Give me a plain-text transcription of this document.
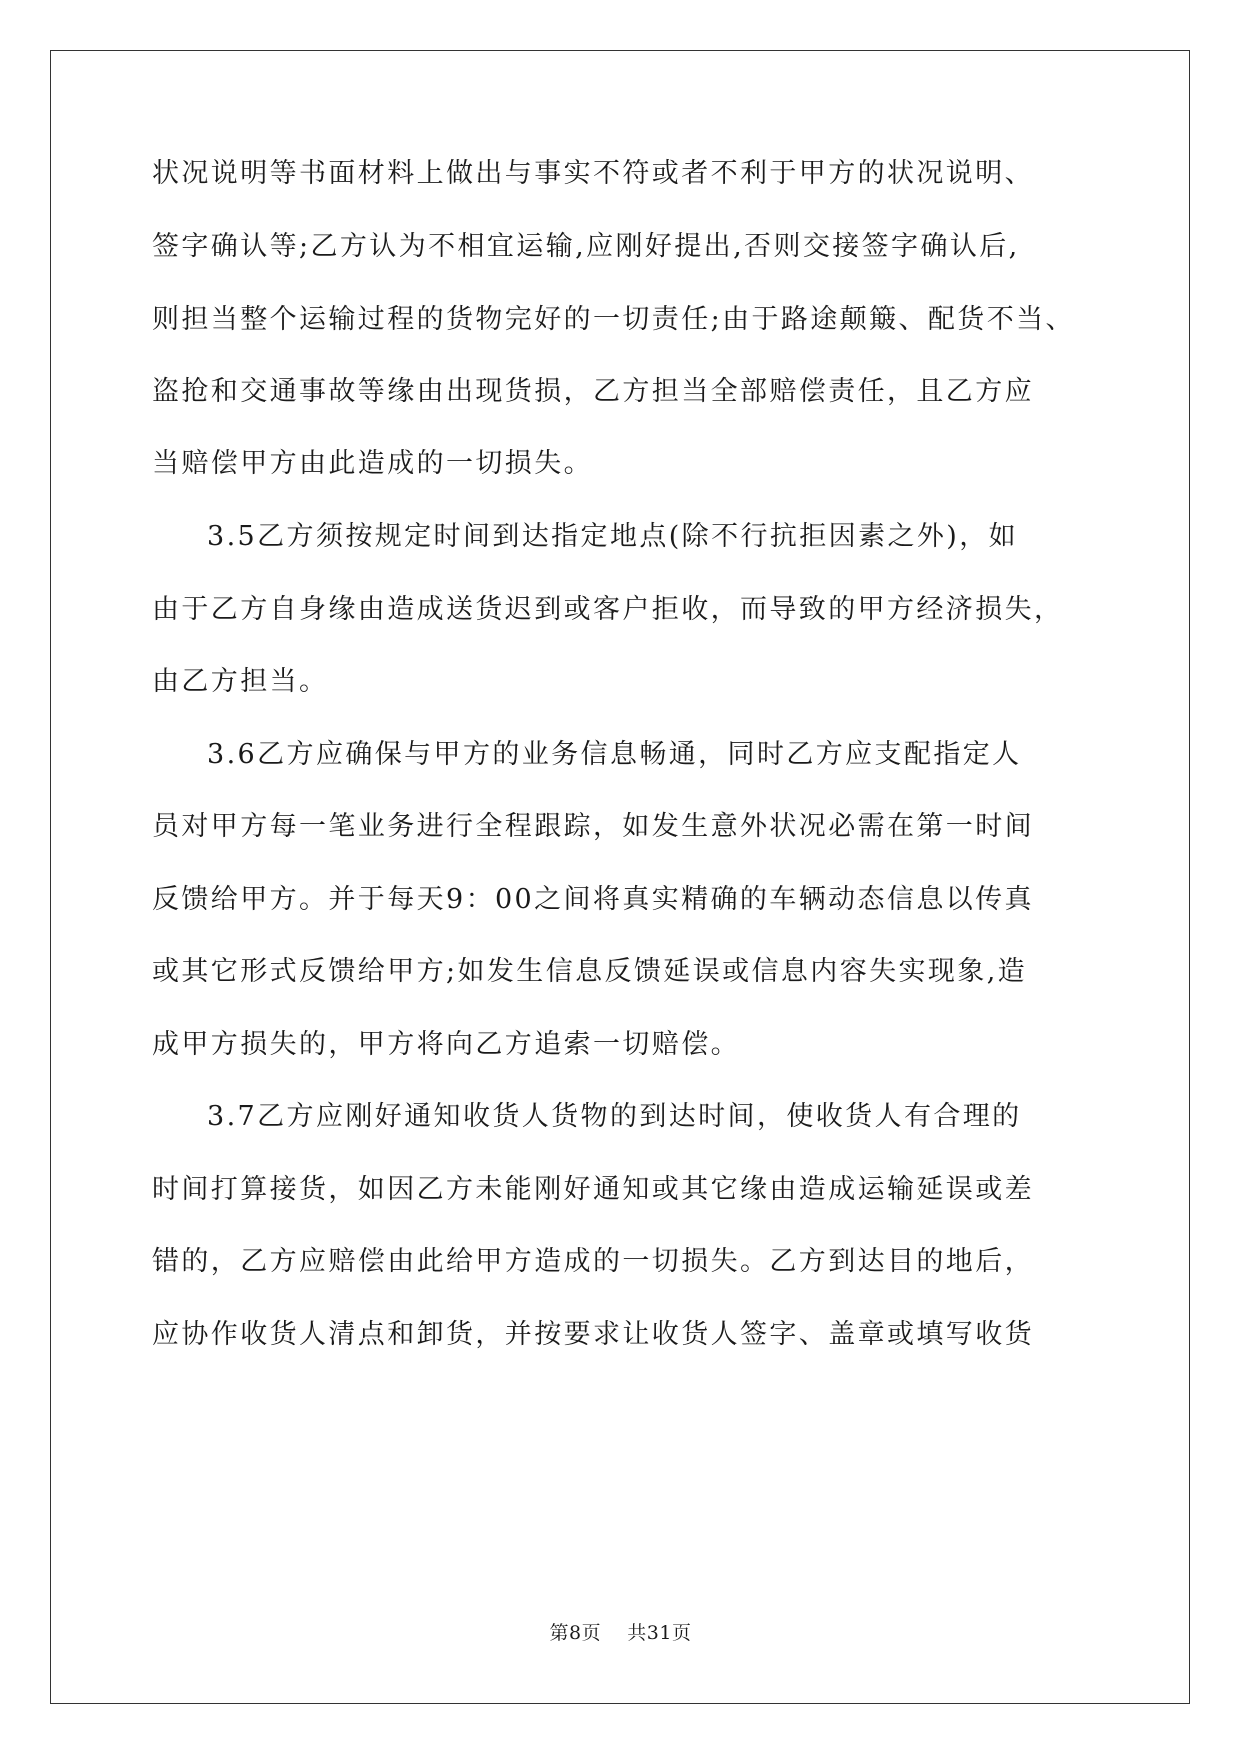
状况说明等书面材料上做出与事实不符或者不利于甲方的状况说明、
签字确认等;乙方认为不相宜运输,应刚好提出,否则交接签字确认后,
则担当整个运输过程的货物完好的一切责任;由于路途颠簸、配货不当、
盗抢和交通事故等缘由出现货损，乙方担当全部赔偿责任，且乙方应
当赔偿甲方由此造成的一切损失。
3.5乙方须按规定时间到达指定地点(除不行抗拒因素之外)，如
由于乙方自身缘由造成送货迟到或客户拒收，而导致的甲方经济损失，
由乙方担当。
3.6乙方应确保与甲方的业务信息畅通，同时乙方应支配指定人
员对甲方每一笔业务进行全程跟踪，如发生意外状况必需在第一时间
反馈给甲方。并于每天9：00之间将真实精确的车辆动态信息以传真
或其它形式反馈给甲方;如发生信息反馈延误或信息内容失实现象,造
成甲方损失的，甲方将向乙方追索一切赔偿。
3.7乙方应刚好通知收货人货物的到达时间，使收货人有合理的
时间打算接货，如因乙方未能刚好通知或其它缘由造成运输延误或差
错的，乙方应赔偿由此给甲方造成的一切损失。乙方到达目的地后，
应协作收货人清点和卸货，并按要求让收货人签字、盖章或填写收货
第8页 共31页
